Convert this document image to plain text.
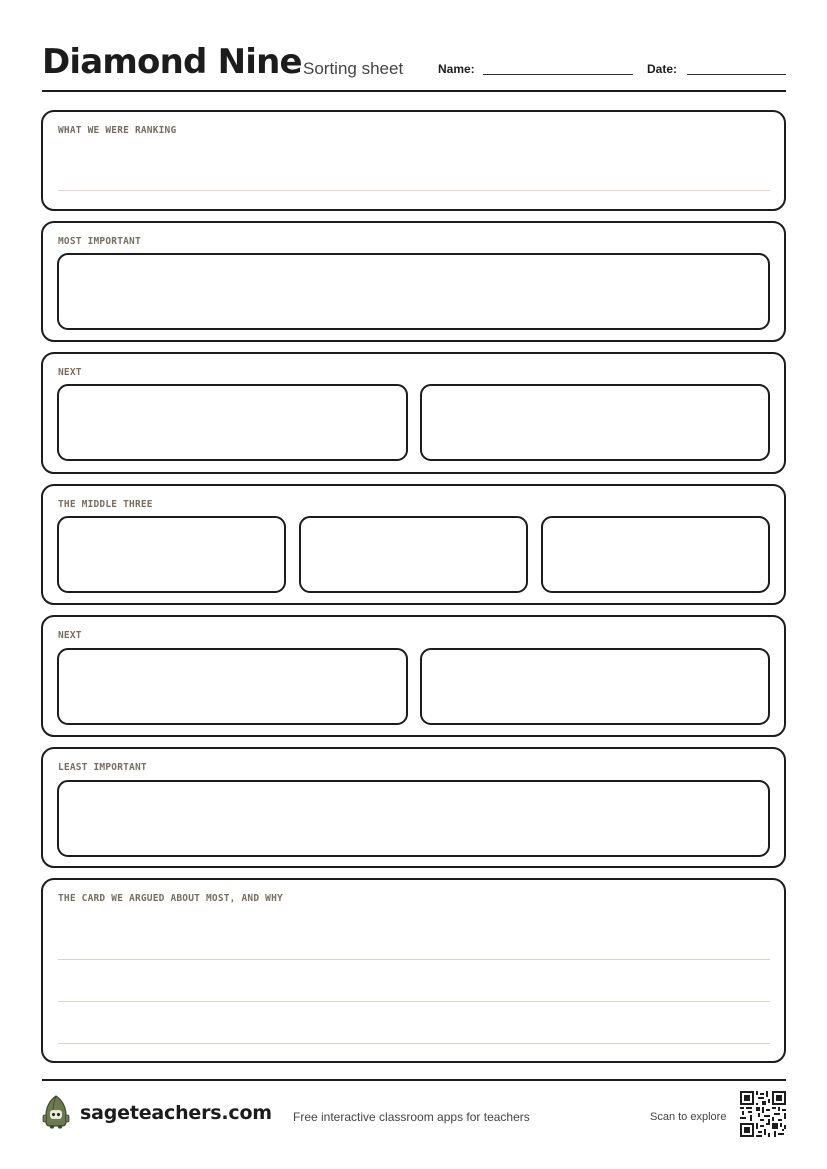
Diamond Nine Sorting sheet	Name:	Date:
WHAT WE WERE RANKING
MOST IMPORTANT
NEXT
THE MIDDLE THREE
NEXT
LEAST IMPORTANT
THE CARD WE ARGUED ABOUT MOST, AND WHY
sageteachers.com Free interactive classroom apps for teachers	Scan to explore
